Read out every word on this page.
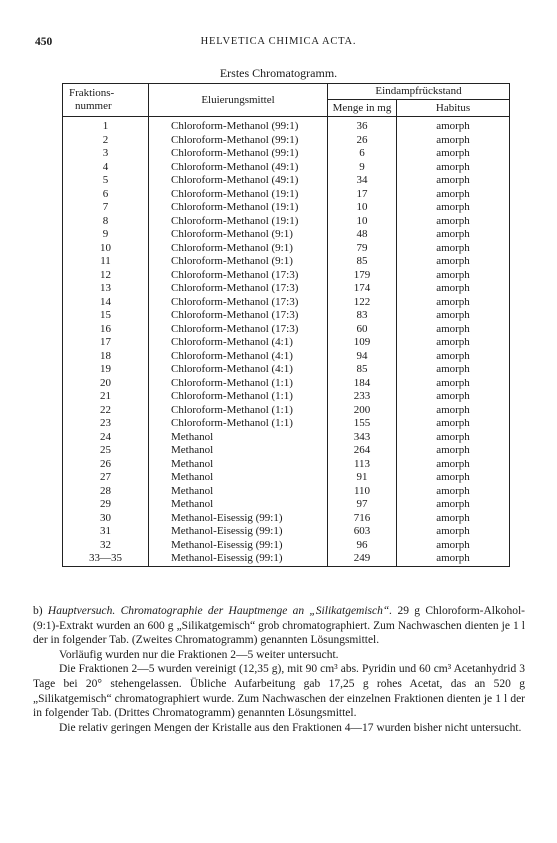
450	HELVETICA CHIMICA ACTA.
Erstes Chromatogramm.
Fraktions-
nummer	Eluierungsmittel	Eindampfrückstand	
		Menge in mg	Habitus
1	Chloroform-Methanol (99:1)	36	amorph
2	Chloroform-Methanol (99:1)	26	amorph
3	Chloroform-Methanol (99:1)	6	amorph
4	Chloroform-Methanol (49:1)	9	amorph
5	Chloroform-Methanol (49:1)	34	amorph
6	Chloroform-Methanol (19:1)	17	amorph
7	Chloroform-Methanol (19:1)	10	amorph
8	Chloroform-Methanol (19:1)	10	amorph
9	Chloroform-Methanol (9:1)	48	amorph
10	Chloroform-Methanol (9:1)	79	amorph
11	Chloroform-Methanol (9:1)	85	amorph
12	Chloroform-Methanol (17:3)	179	amorph
13	Chloroform-Methanol (17:3)	174	amorph
14	Chloroform-Methanol (17:3)	122	amorph
15	Chloroform-Methanol (17:3)	83	amorph
16	Chloroform-Methanol (17:3)	60	amorph
17	Chloroform-Methanol (4:1)	109	amorph
18	Chloroform-Methanol (4:1)	94	amorph
19	Chloroform-Methanol (4:1)	85	amorph
20	Chloroform-Methanol (1:1)	184	amorph
21	Chloroform-Methanol (1:1)	233	amorph
22	Chloroform-Methanol (1:1)	200	amorph
23	Chloroform-Methanol (1:1)	155	amorph
24	Methanol	343	amorph
25	Methanol	264	amorph
26	Methanol	113	amorph
27	Methanol	91	amorph
28	Methanol	110	amorph
29	Methanol	97	amorph
30	Methanol-Eisessig (99:1)	716	amorph
31	Methanol-Eisessig (99:1)	603	amorph
32	Methanol-Eisessig (99:1)	96	amorph
33—35	Methanol-Eisessig (99:1)	249	amorph

b) Hauptversuch. Chromatographie der Hauptmenge an „Silikatgemisch“. 29 g Chloroform-Alkohol-(9:1)-Extrakt wurden an 600 g „Silikatgemisch“ grob chromatographiert. Zum Nachwaschen dienten je 1 l der in folgender Tab. (Zweites Chromatogramm) genannten Lösungsmittel.

Vorläufig wurden nur die Fraktionen 2—5 weiter untersucht.

Die Fraktionen 2—5 wurden vereinigt (12,35 g), mit 90 cm³ abs. Pyridin und 60 cm³ Acetanhydrid 3 Tage bei 20° stehengelassen. Übliche Aufarbeitung gab 17,25 g rohes Acetat, das an 520 g „Silikatgemisch“ chromatographiert wurde. Zum Nachwaschen der einzelnen Fraktionen dienten je 1 l der in folgender Tab. (Drittes Chromatogramm) genannten Lösungsmittel.

Die relativ geringen Mengen der Kristalle aus den Fraktionen 4—17 wurden bisher nicht untersucht.
